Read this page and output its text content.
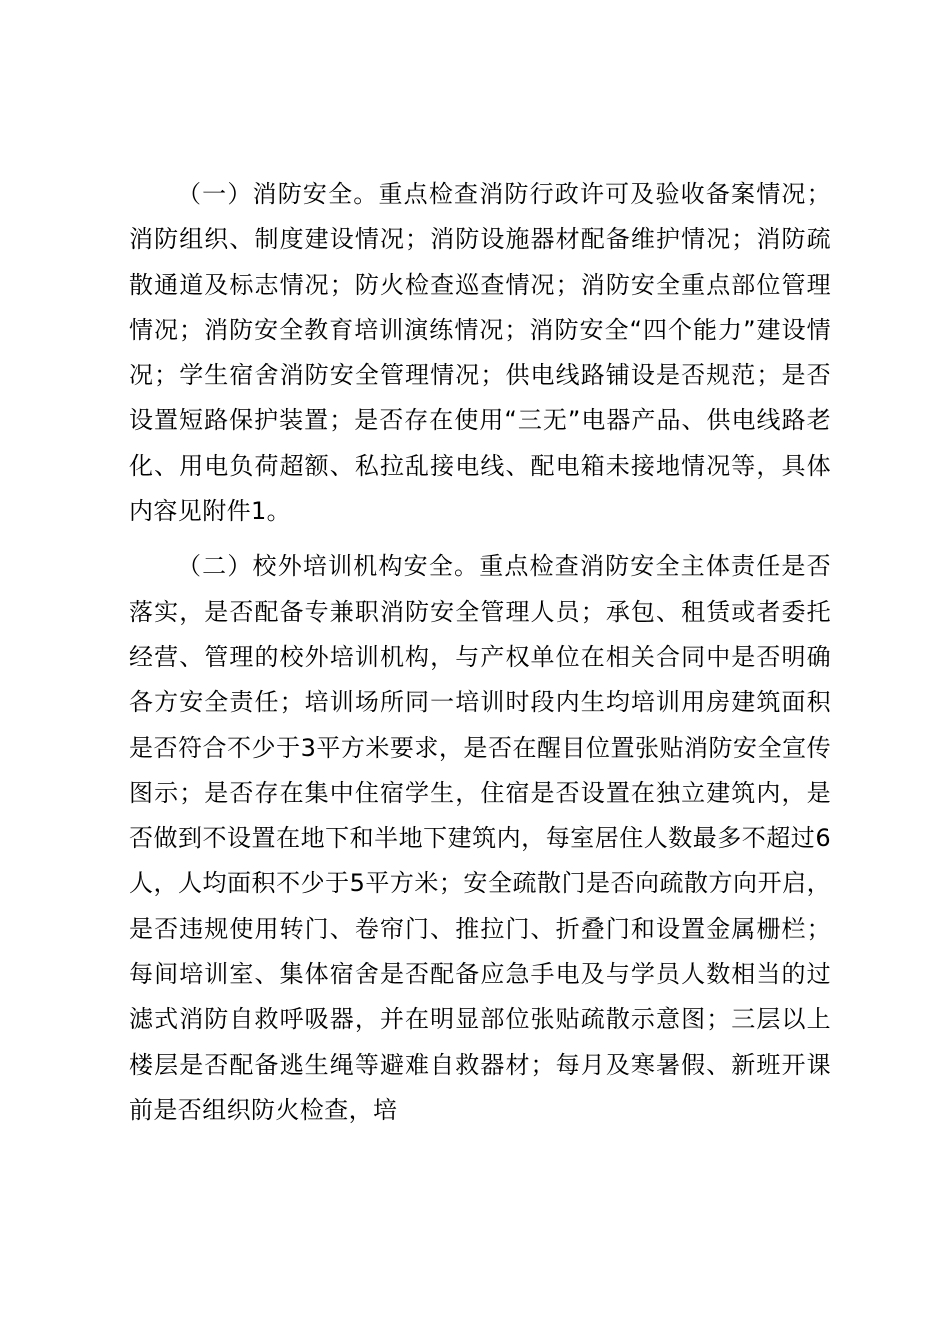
（一）消防安全。重点检查消防行政许可及验收备案情况；消防组织、制度建设情况；消防设施器材配备维护情况；消防疏散通道及标志情况；防火检查巡查情况；消防安全重点部位管理情况；消防安全教育培训演练情况；消防安全“四个能力”建设情况；学生宿舍消防安全管理情况；供电线路铺设是否规范；是否设置短路保护装置；是否存在使用“三无”电器产品、供电线路老化、用电负荷超额、私拉乱接电线、配电箱未接地情况等，具体内容见附件1。

（二）校外培训机构安全。重点检查消防安全主体责任是否落实，是否配备专兼职消防安全管理人员；承包、租赁或者委托经营、管理的校外培训机构，与产权单位在相关合同中是否明确各方安全责任；培训场所同一培训时段内生均培训用房建筑面积是否符合不少于3平方米要求，是否在醒目位置张贴消防安全宣传图示；是否存在集中住宿学生，住宿是否设置在独立建筑内，是否做到不设置在地下和半地下建筑内，每室居住人数最多不超过6人，人均面积不少于5平方米；安全疏散门是否向疏散方向开启，是否违规使用转门、卷帘门、推拉门、折叠门和设置金属栅栏；每间培训室、集体宿舍是否配备应急手电及与学员人数相当的过滤式消防自救呼吸器，并在明显部位张贴疏散示意图；三层以上楼层是否配备逃生绳等避难自救器材；每月及寒暑假、新班开课前是否组织防火检查，培
